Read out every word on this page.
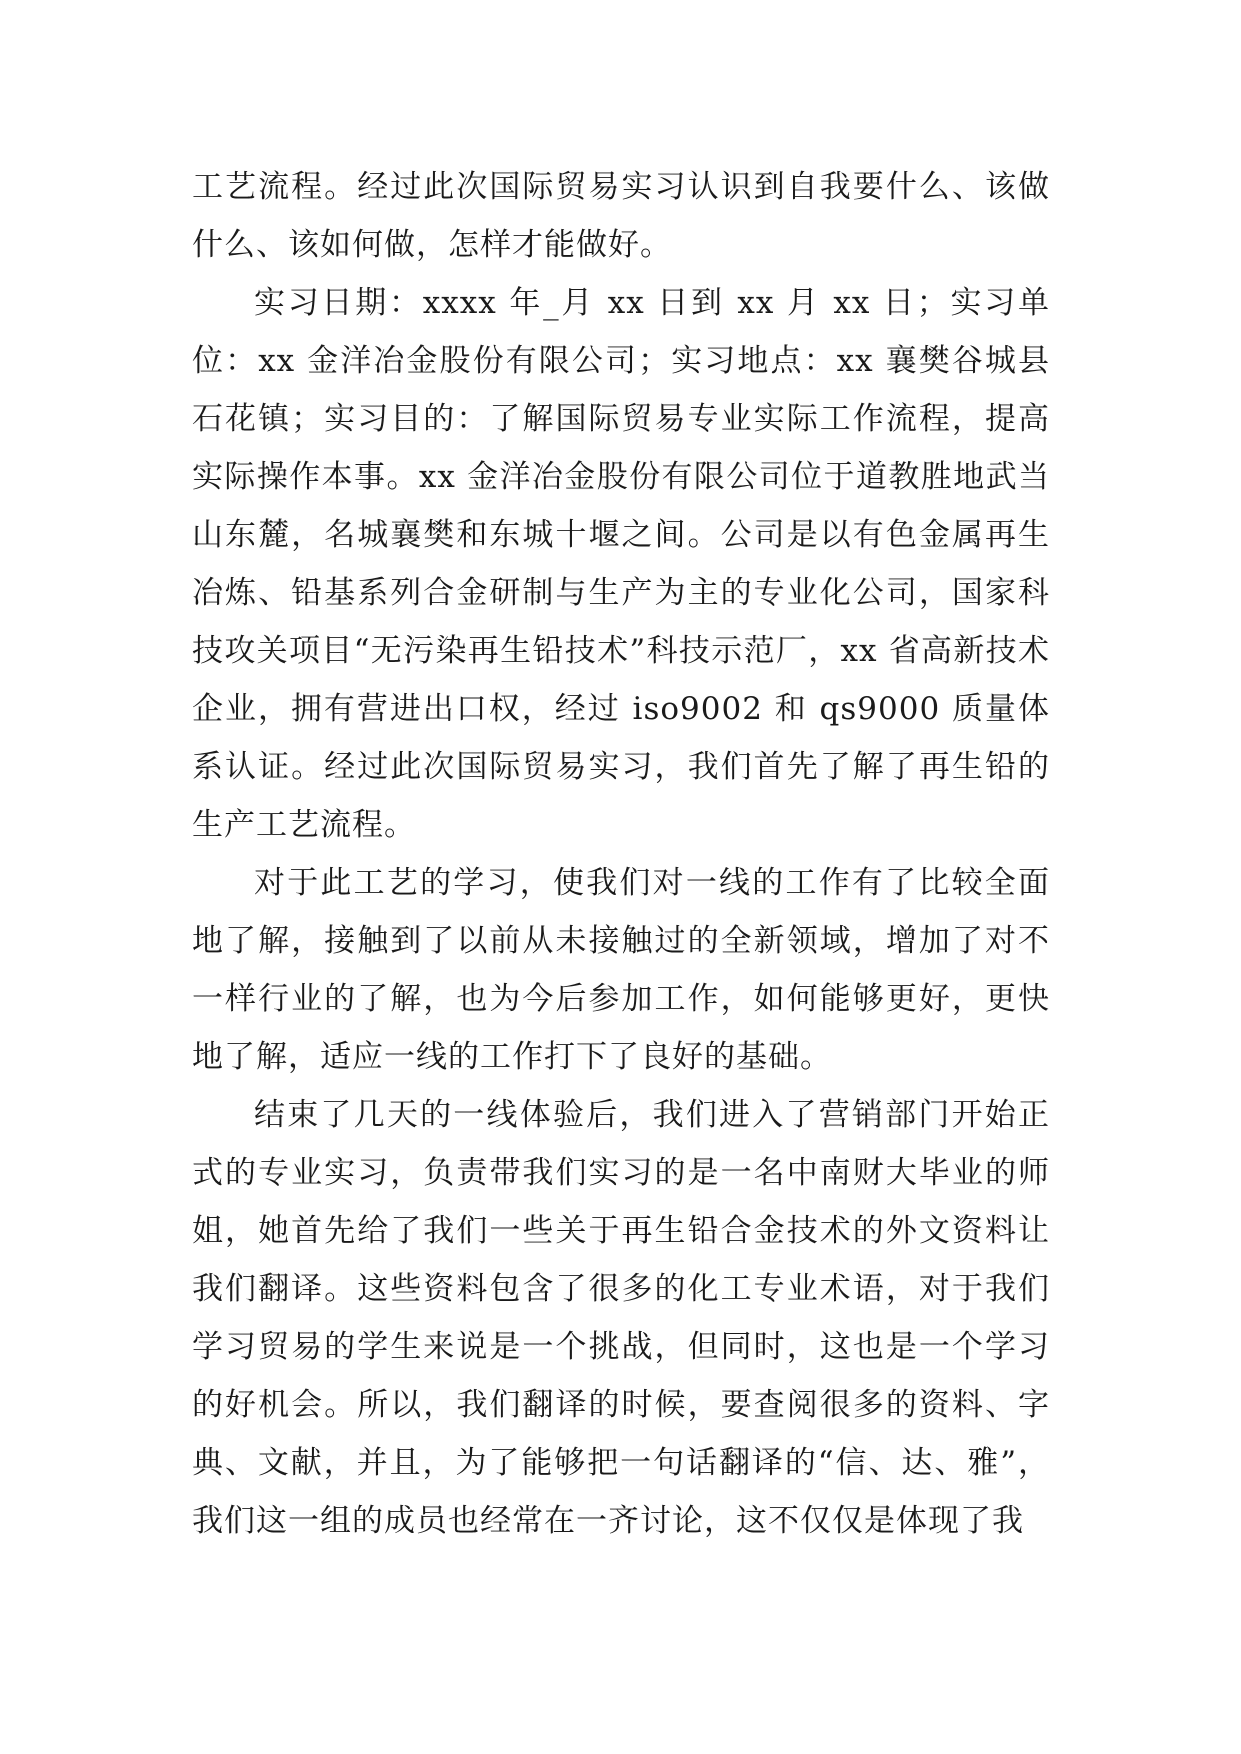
工艺流程。经过此次国际贸易实习认识到自我要什么、该做什么、该如何做，怎样才能做好。

实习日期：xxxx 年_月 xx 日到 xx 月 xx 日；实习单位：xx 金洋冶金股份有限公司；实习地点：xx 襄樊谷城县石花镇；实习目的：了解国际贸易专业实际工作流程，提高实际操作本事。xx 金洋冶金股份有限公司位于道教胜地武当山东麓，名城襄樊和东城十堰之间。公司是以有色金属再生冶炼、铅基系列合金研制与生产为主的专业化公司，国家科技攻关项目“无污染再生铅技术”科技示范厂，xx 省高新技术企业，拥有营进出口权，经过 iso9002 和 qs9000 质量体系认证。经过此次国际贸易实习，我们首先了解了再生铅的生产工艺流程。

对于此工艺的学习，使我们对一线的工作有了比较全面地了解，接触到了以前从未接触过的全新领域，增加了对不一样行业的了解，也为今后参加工作，如何能够更好，更快地了解，适应一线的工作打下了良好的基础。

结束了几天的一线体验后，我们进入了营销部门开始正式的专业实习，负责带我们实习的是一名中南财大毕业的师姐，她首先给了我们一些关于再生铅合金技术的外文资料让我们翻译。这些资料包含了很多的化工专业术语，对于我们学习贸易的学生来说是一个挑战，但同时，这也是一个学习的好机会。所以，我们翻译的时候，要查阅很多的资料、字典、文献，并且，为了能够把一句话翻译的“信、达、雅”，我们这一组的成员也经常在一齐讨论，这不仅仅是体现了我
